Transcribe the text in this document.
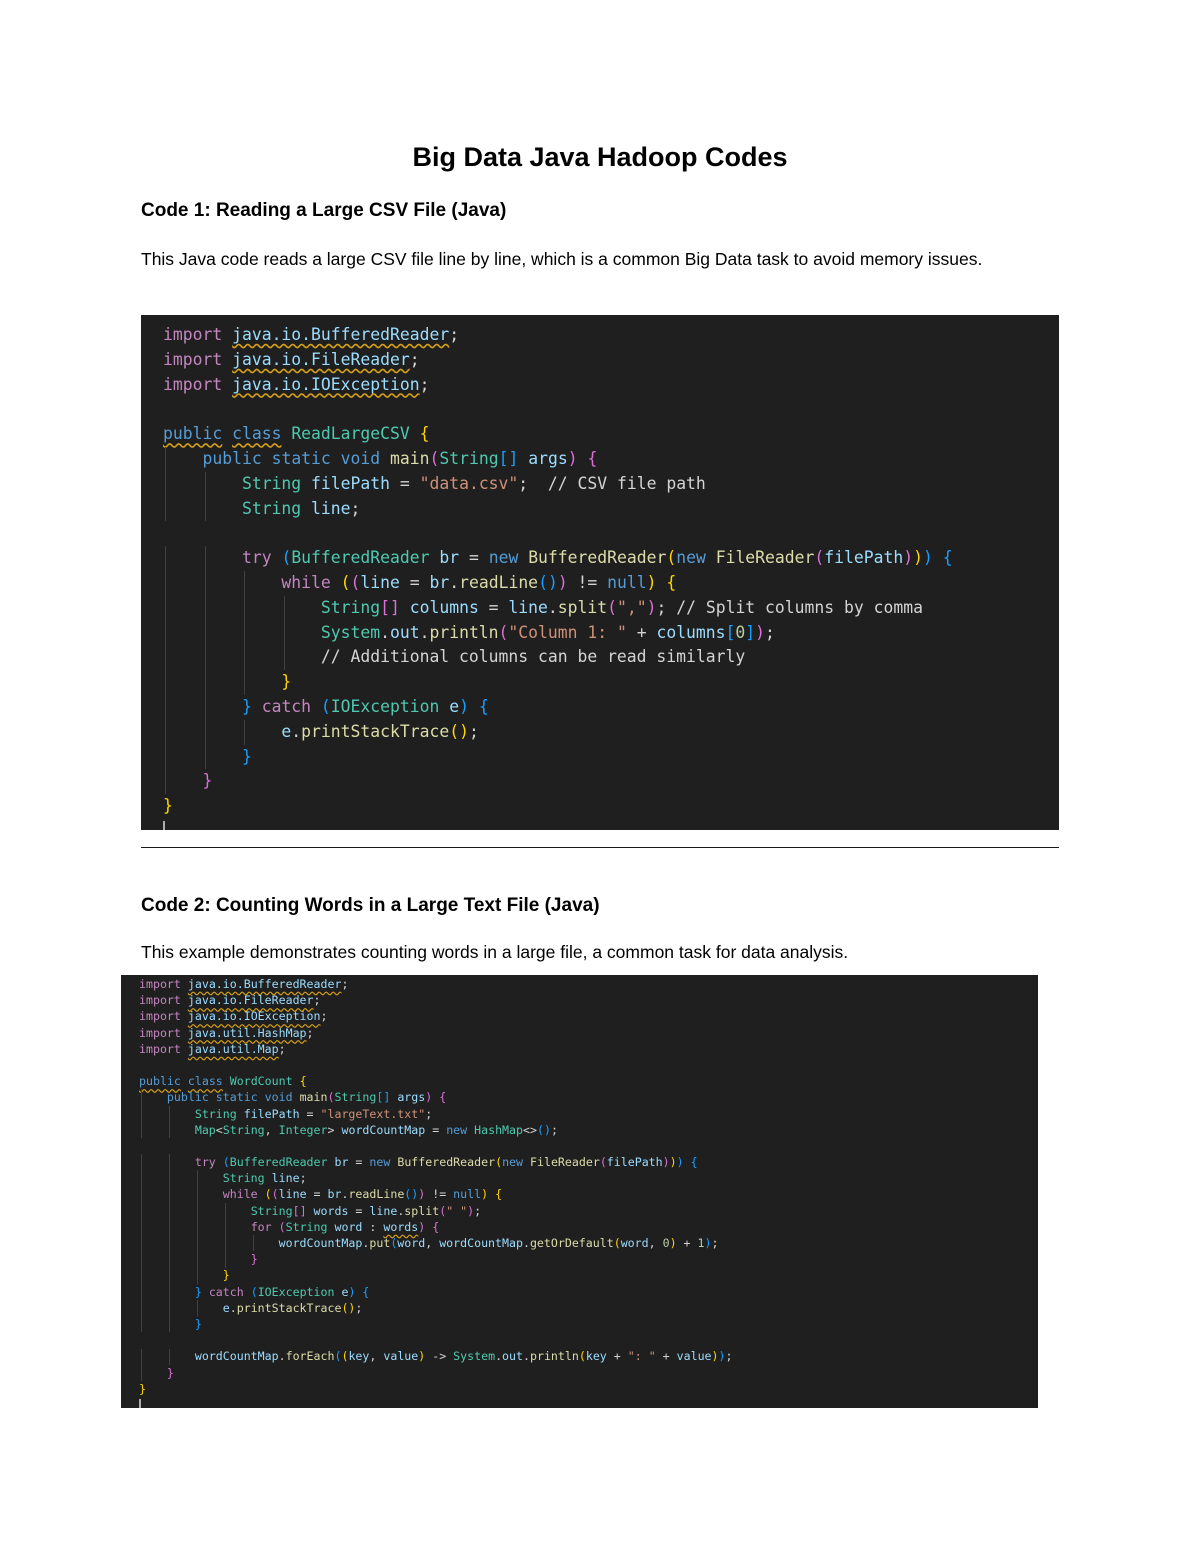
Big Data Java Hadoop Codes
Code 1: Reading a Large CSV File (Java)

This Java code reads a large CSV file line by line, which is a common Big Data task to avoid memory issues.

import java.io.BufferedReader;
import java.io.FileReader;
import java.io.IOException;

public class ReadLargeCSV {
public static void main(String[] args) {
String filePath = "data.csv";  // CSV file path
String line;

try (BufferedReader br = new BufferedReader(new FileReader(filePath))) {
while ((line = br.readLine()) != null) {
String[] columns = line.split(","); // Split columns by comma
System.out.println("Column 1: " + columns[0]);
// Additional columns can be read similarly
}
} catch (IOException e) {
e.printStackTrace();
}
}
}
Code 2: Counting Words in a Large Text File (Java)

This example demonstrates counting words in a large file, a common task for data analysis.

import java.io.BufferedReader;
import java.io.FileReader;
import java.io.IOException;
import java.util.HashMap;
import java.util.Map;

public class WordCount {
public static void main(String[] args) {
String filePath = "largeText.txt";
Map<String, Integer> wordCountMap = new HashMap<>();

try (BufferedReader br = new BufferedReader(new FileReader(filePath))) {
String line;
while ((line = br.readLine()) != null) {
String[] words = line.split(" ");
for (String word : words) {
wordCountMap.put(word, wordCountMap.getOrDefault(word, 0) + 1);
}
}
} catch (IOException e) {
e.printStackTrace();
}

wordCountMap.forEach((key, value) -> System.out.println(key + ": " + value));
}
}
